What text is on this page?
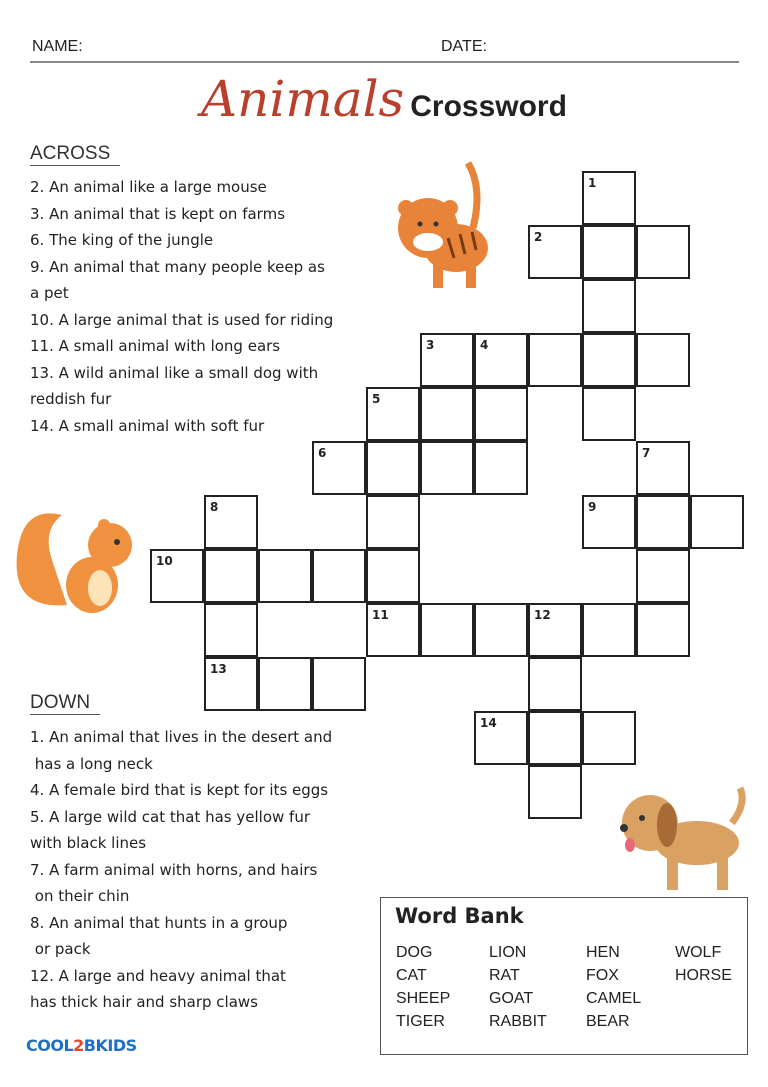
NAME:	DATE:
Animals Crossword
ACROSS
2. An animal like a large mouse
3. An animal that is kept on farms
6. The king of the jungle
9. An animal that many people keep as
a pet
10. A large animal that is used for riding
11. A small animal with long ears
13. A wild animal like a small dog with
reddish fur
14. A small animal with soft fur
DOWN
1. An animal that lives in the desert and
has a long neck
4. A female bird that is kept for its eggs
5. A large wild cat that has yellow fur
with black lines
7. A farm animal with horns, and hairs
on their chin
8. An animal that hunts in a group
or pack
12. A large and heavy animal that
has thick hair and sharp claws
1
2
3	4
5
6	7
8	9
10
11	12
13
14
Word Bank
DOG	LION	HEN	WOLF
CAT	RAT	FOX	HORSE
SHEEP	GOAT	CAMEL

TIGER	RABBIT	BEAR

COOL2BKIDS
